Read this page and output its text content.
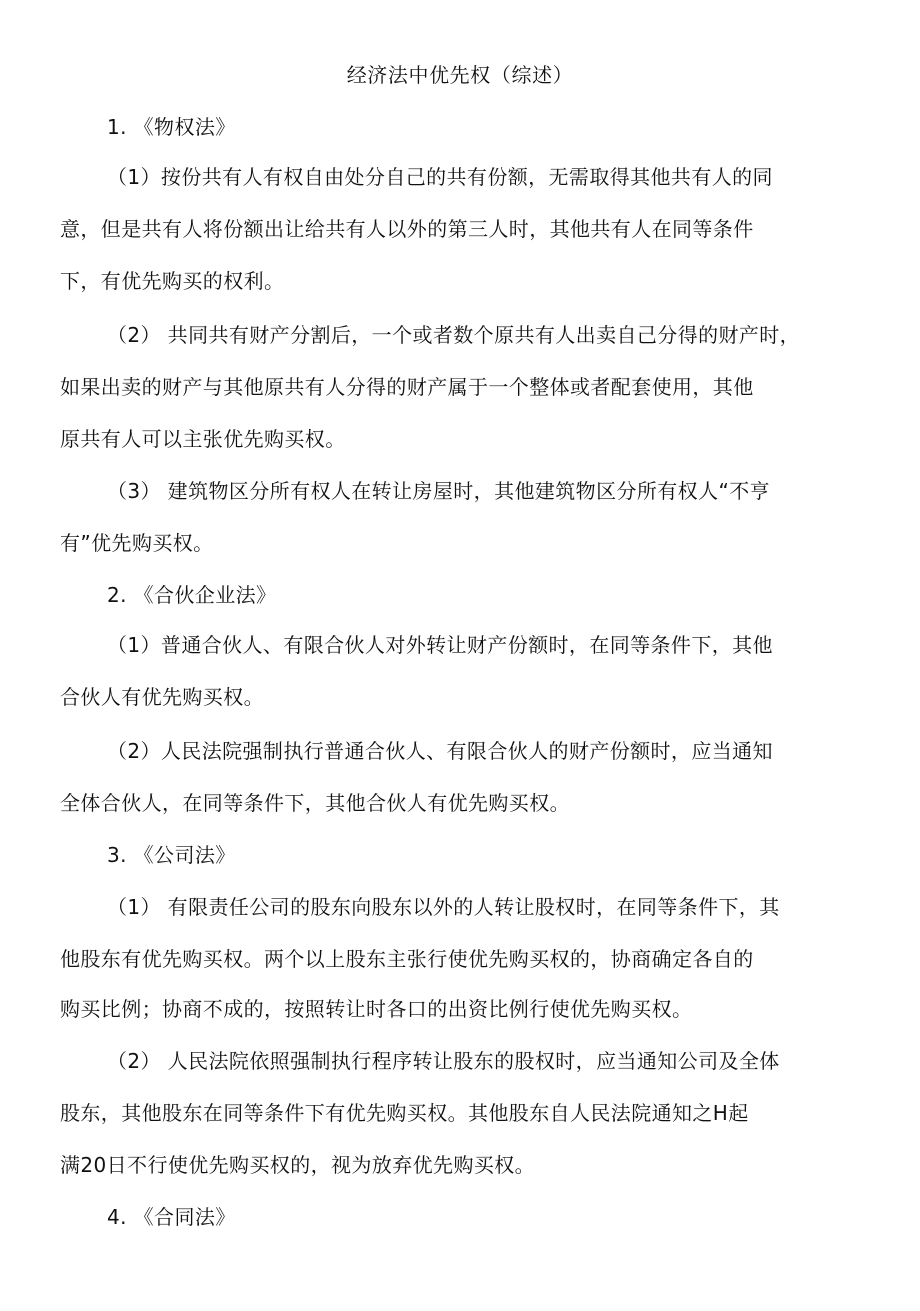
经济法中优先权（综述）
1. 《物权法》
（1）按份共有人有权自由处分自己的共有份额，无需取得其他共有人的同
意，但是共有人将份额出让给共有人以外的第三人时，其他共有人在同等条件
下，有优先购买的权利。
（2） 共同共有财产分割后，一个或者数个原共有人出卖自己分得的财产时，
如果出卖的财产与其他原共有人分得的财产属于一个整体或者配套使用，其他
原共有人可以主张优先购买权。
（3） 建筑物区分所有权人在转让房屋时，其他建筑物区分所有权人“不亨
有”优先购买权。
2. 《合伙企业法》
（1）普通合伙人、有限合伙人对外转让财产份额时，在同等条件下，其他
合伙人有优先购买权。
（2）人民法院强制执行普通合伙人、有限合伙人的财产份额时，应当通知
全体合伙人，在同等条件下，其他合伙人有优先购买权。
3. 《公司法》
（1） 有限责任公司的股东向股东以外的人转让股权时，在同等条件下，其
他股东有优先购买权。两个以上股东主张行使优先购买权的，协商确定各自的
购买比例；协商不成的，按照转让时各口的出资比例行使优先购买权。
（2） 人民法院依照强制执行程序转让股东的股权时，应当通知公司及全体
股东，其他股东在同等条件下有优先购买权。其他股东自人民法院通知之H起
满20日不行使优先购买权的，视为放弃优先购买权。
4. 《合同法》
